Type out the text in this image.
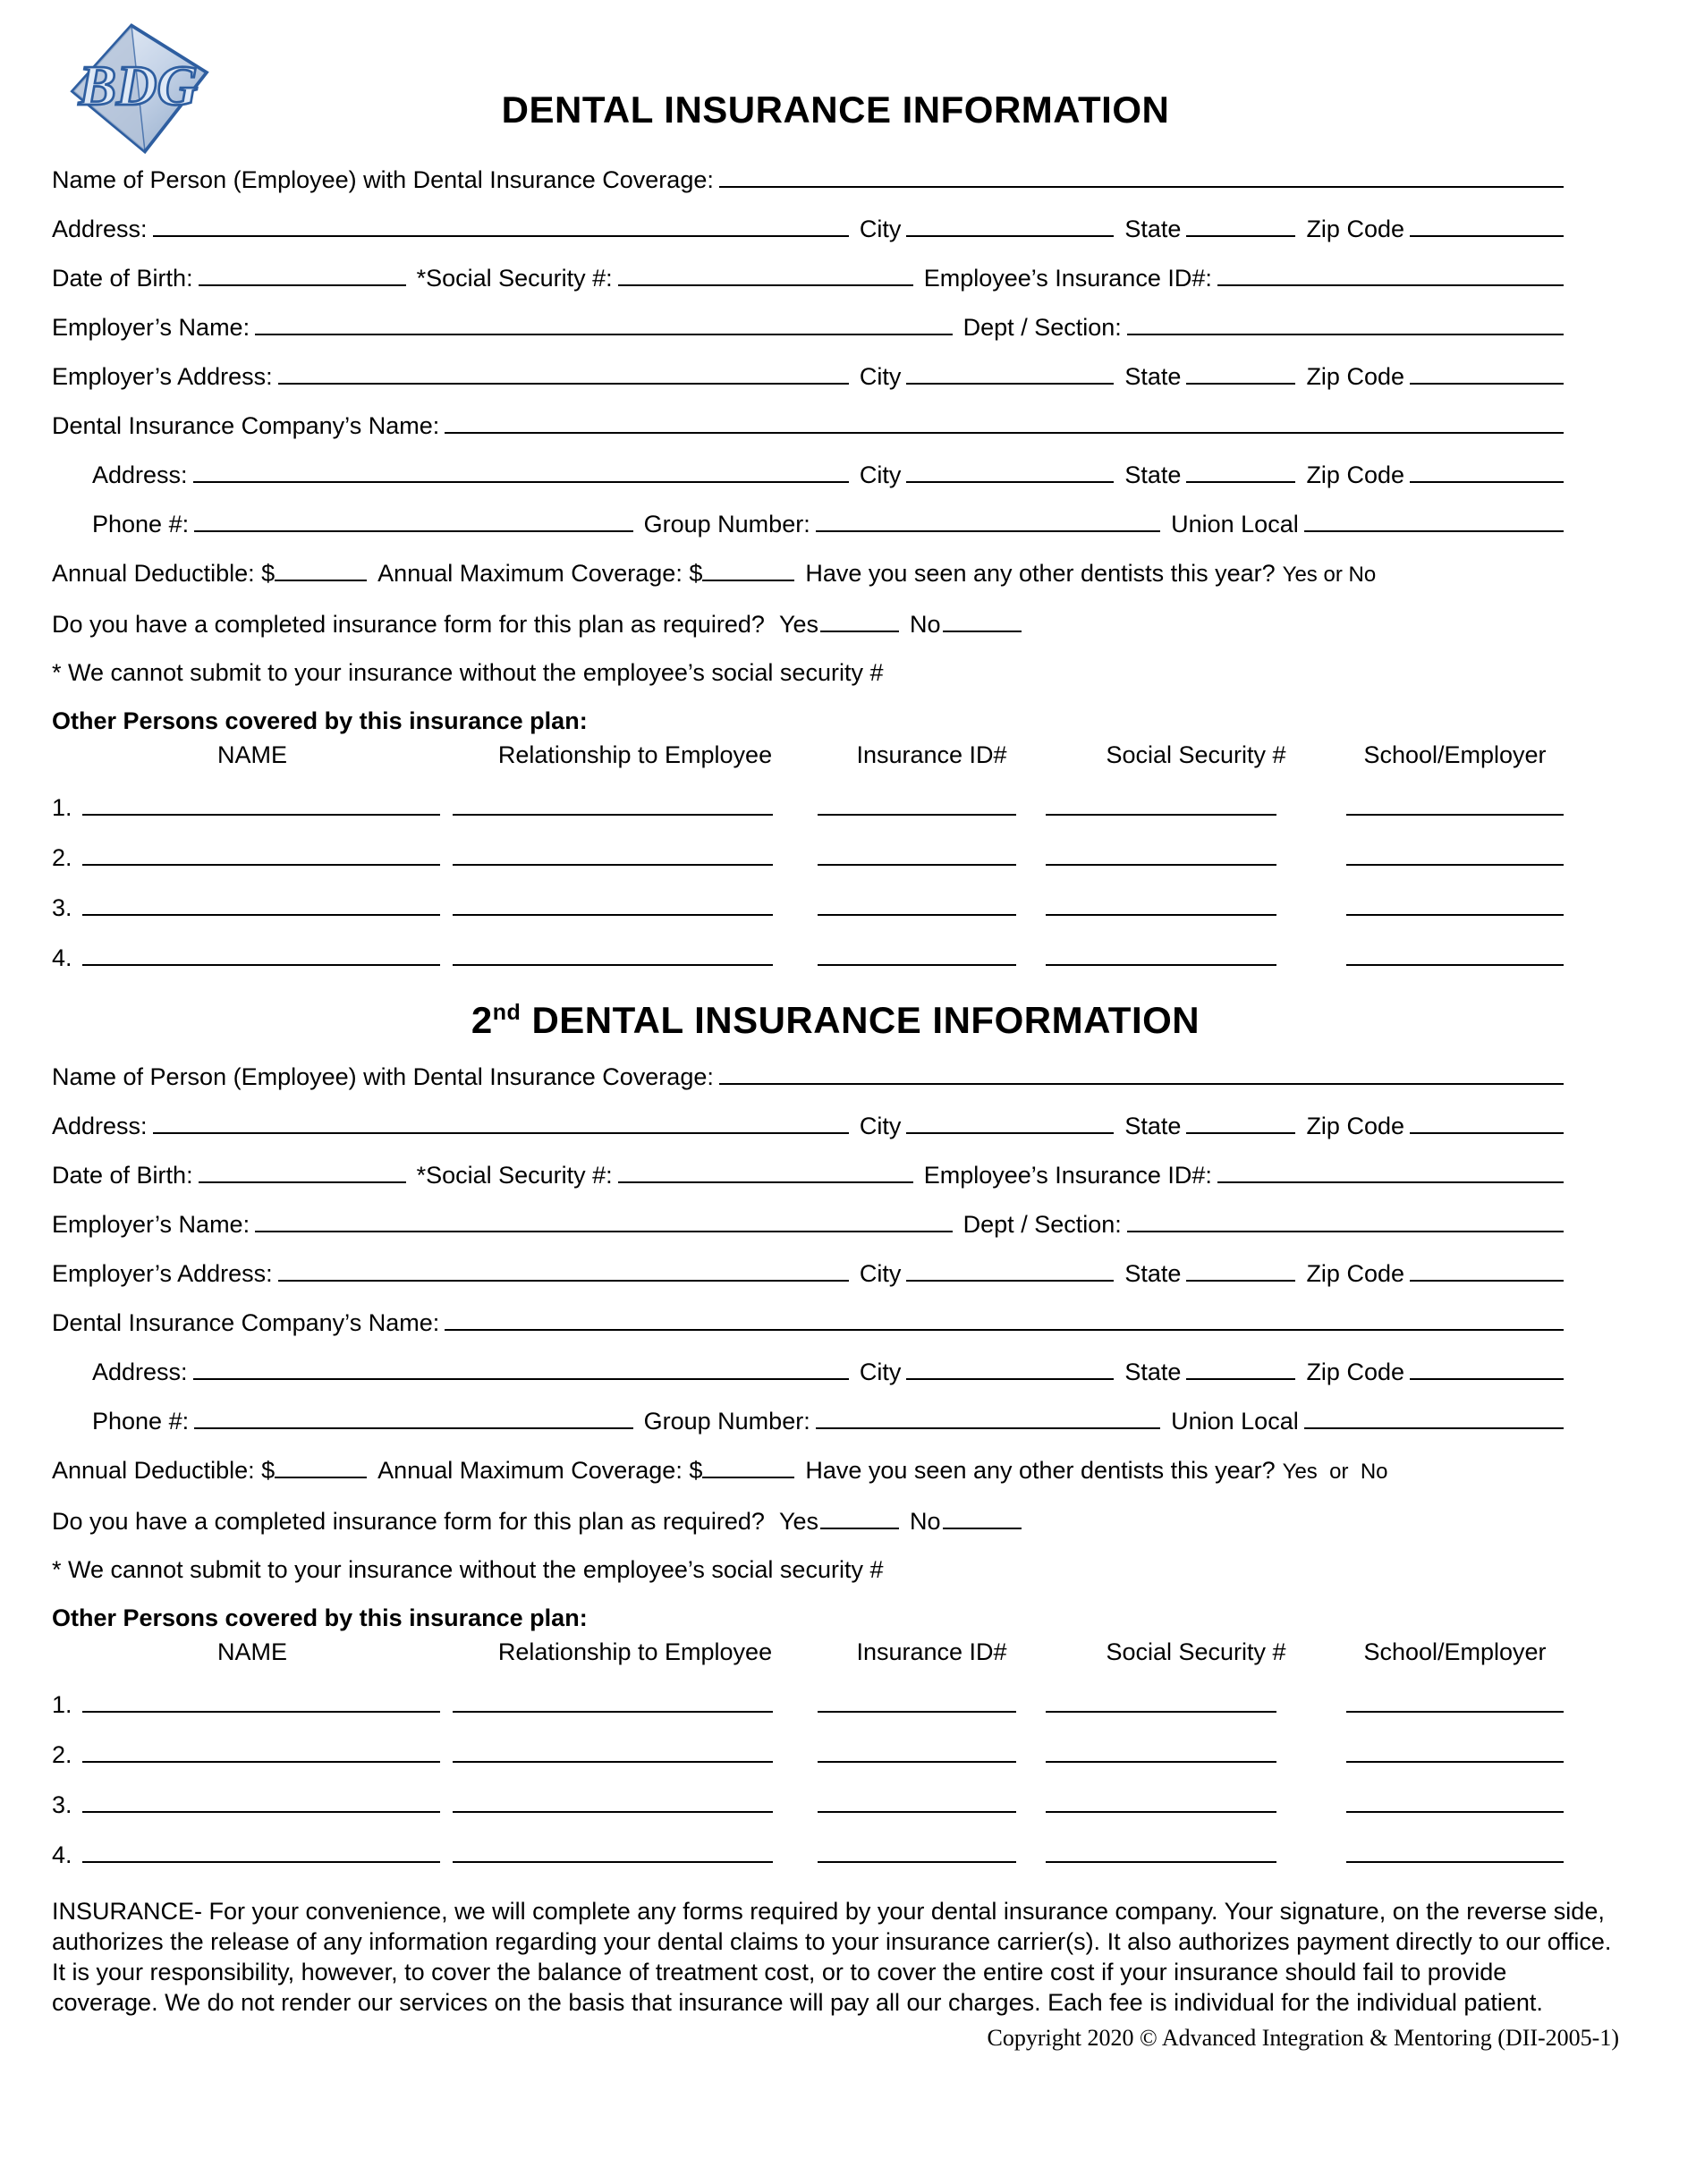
BDG	DENTAL INSURANCE INFORMATION
Name of Person (Employee) with Dental Insurance Coverage:
Address:	City	State	Zip Code
Date of Birth:	*Social Security #:	Employee’s Insurance ID#:
Employer’s Name:	Dept / Section:
Employer’s Address:	City	State	Zip Code
Dental Insurance Company’s Name:
Address:	City	State	Zip Code
Phone #:	Group Number:	Union Local
Annual Deductible: $	Annual Maximum Coverage: $	Have you seen any other dentists this year? Yes or No
Do you have a completed insurance form for this plan as required? Yes	No
* We cannot submit to your insurance without the employee’s social security #
Other Persons covered by this insurance plan:
NAME	Relationship to Employee	Insurance ID#	Social Security #	School/Employer
1.
2.
3.
4.
2nd DENTAL INSURANCE INFORMATION
Name of Person (Employee) with Dental Insurance Coverage:
Address:	City	State	Zip Code
Date of Birth:	*Social Security #:	Employee’s Insurance ID#:
Employer’s Name:	Dept / Section:
Employer’s Address:	City	State	Zip Code
Dental Insurance Company’s Name:
Address:	City	State	Zip Code
Phone #:	Group Number:	Union Local
Annual Deductible: $	Annual Maximum Coverage: $	Have you seen any other dentists this year? Yes  or  No
Do you have a completed insurance form for this plan as required? Yes	No
* We cannot submit to your insurance without the employee’s social security #
Other Persons covered by this insurance plan:
NAME	Relationship to Employee	Insurance ID#	Social Security #	School/Employer
1.
2.
3.
4.

INSURANCE- For your convenience, we will complete any forms required by your dental insurance company. Your signature, on the reverse side, authorizes the release of any information regarding your dental claims to your insurance carrier(s). It also authorizes payment directly to our office. It is your responsibility, however, to cover the balance of treatment cost, or to cover the entire cost if your insurance should fail to provide coverage. We do not render our services on the basis that insurance will pay all our charges. Each fee is individual for the individual patient.

Copyright 2020 © Advanced Integration & Mentoring (DII-2005-1)
